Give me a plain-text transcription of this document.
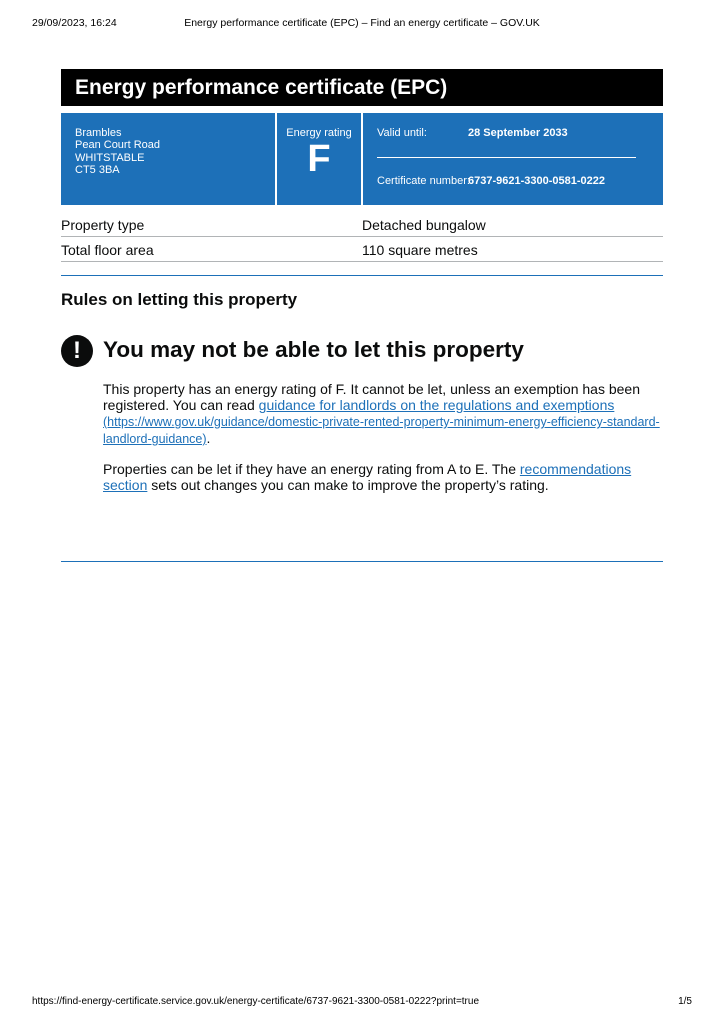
29/09/2023, 16:24	Energy performance certificate (EPC) – Find an energy certificate – GOV.UK
Energy performance certificate (EPC)
Brambles
Pean Court Road
WHITSTABLE
CT5 3BA
Energy rating
F
Valid until:	28 September 2033
Certificate number:
6737-9621-3300-0581-0222
Property type	Detached bungalow
Total floor area	110 square metres
Rules on letting this property
! You may not be able to let this property

This property has an energy rating of F. It cannot be let, unless an exemption has been registered. You can read guidance for landlords on the regulations and exemptions (https://www.gov.uk/guidance/domestic-private-rented-property-minimum-energy-efficiency-standard-landlord-guidance).

Properties can be let if they have an energy rating from A to E. The recommendations section sets out changes you can make to improve the property’s rating.

https://find-energy-certificate.service.gov.uk/energy-certificate/6737-9621-3300-0581-0222?print=true	1/5
